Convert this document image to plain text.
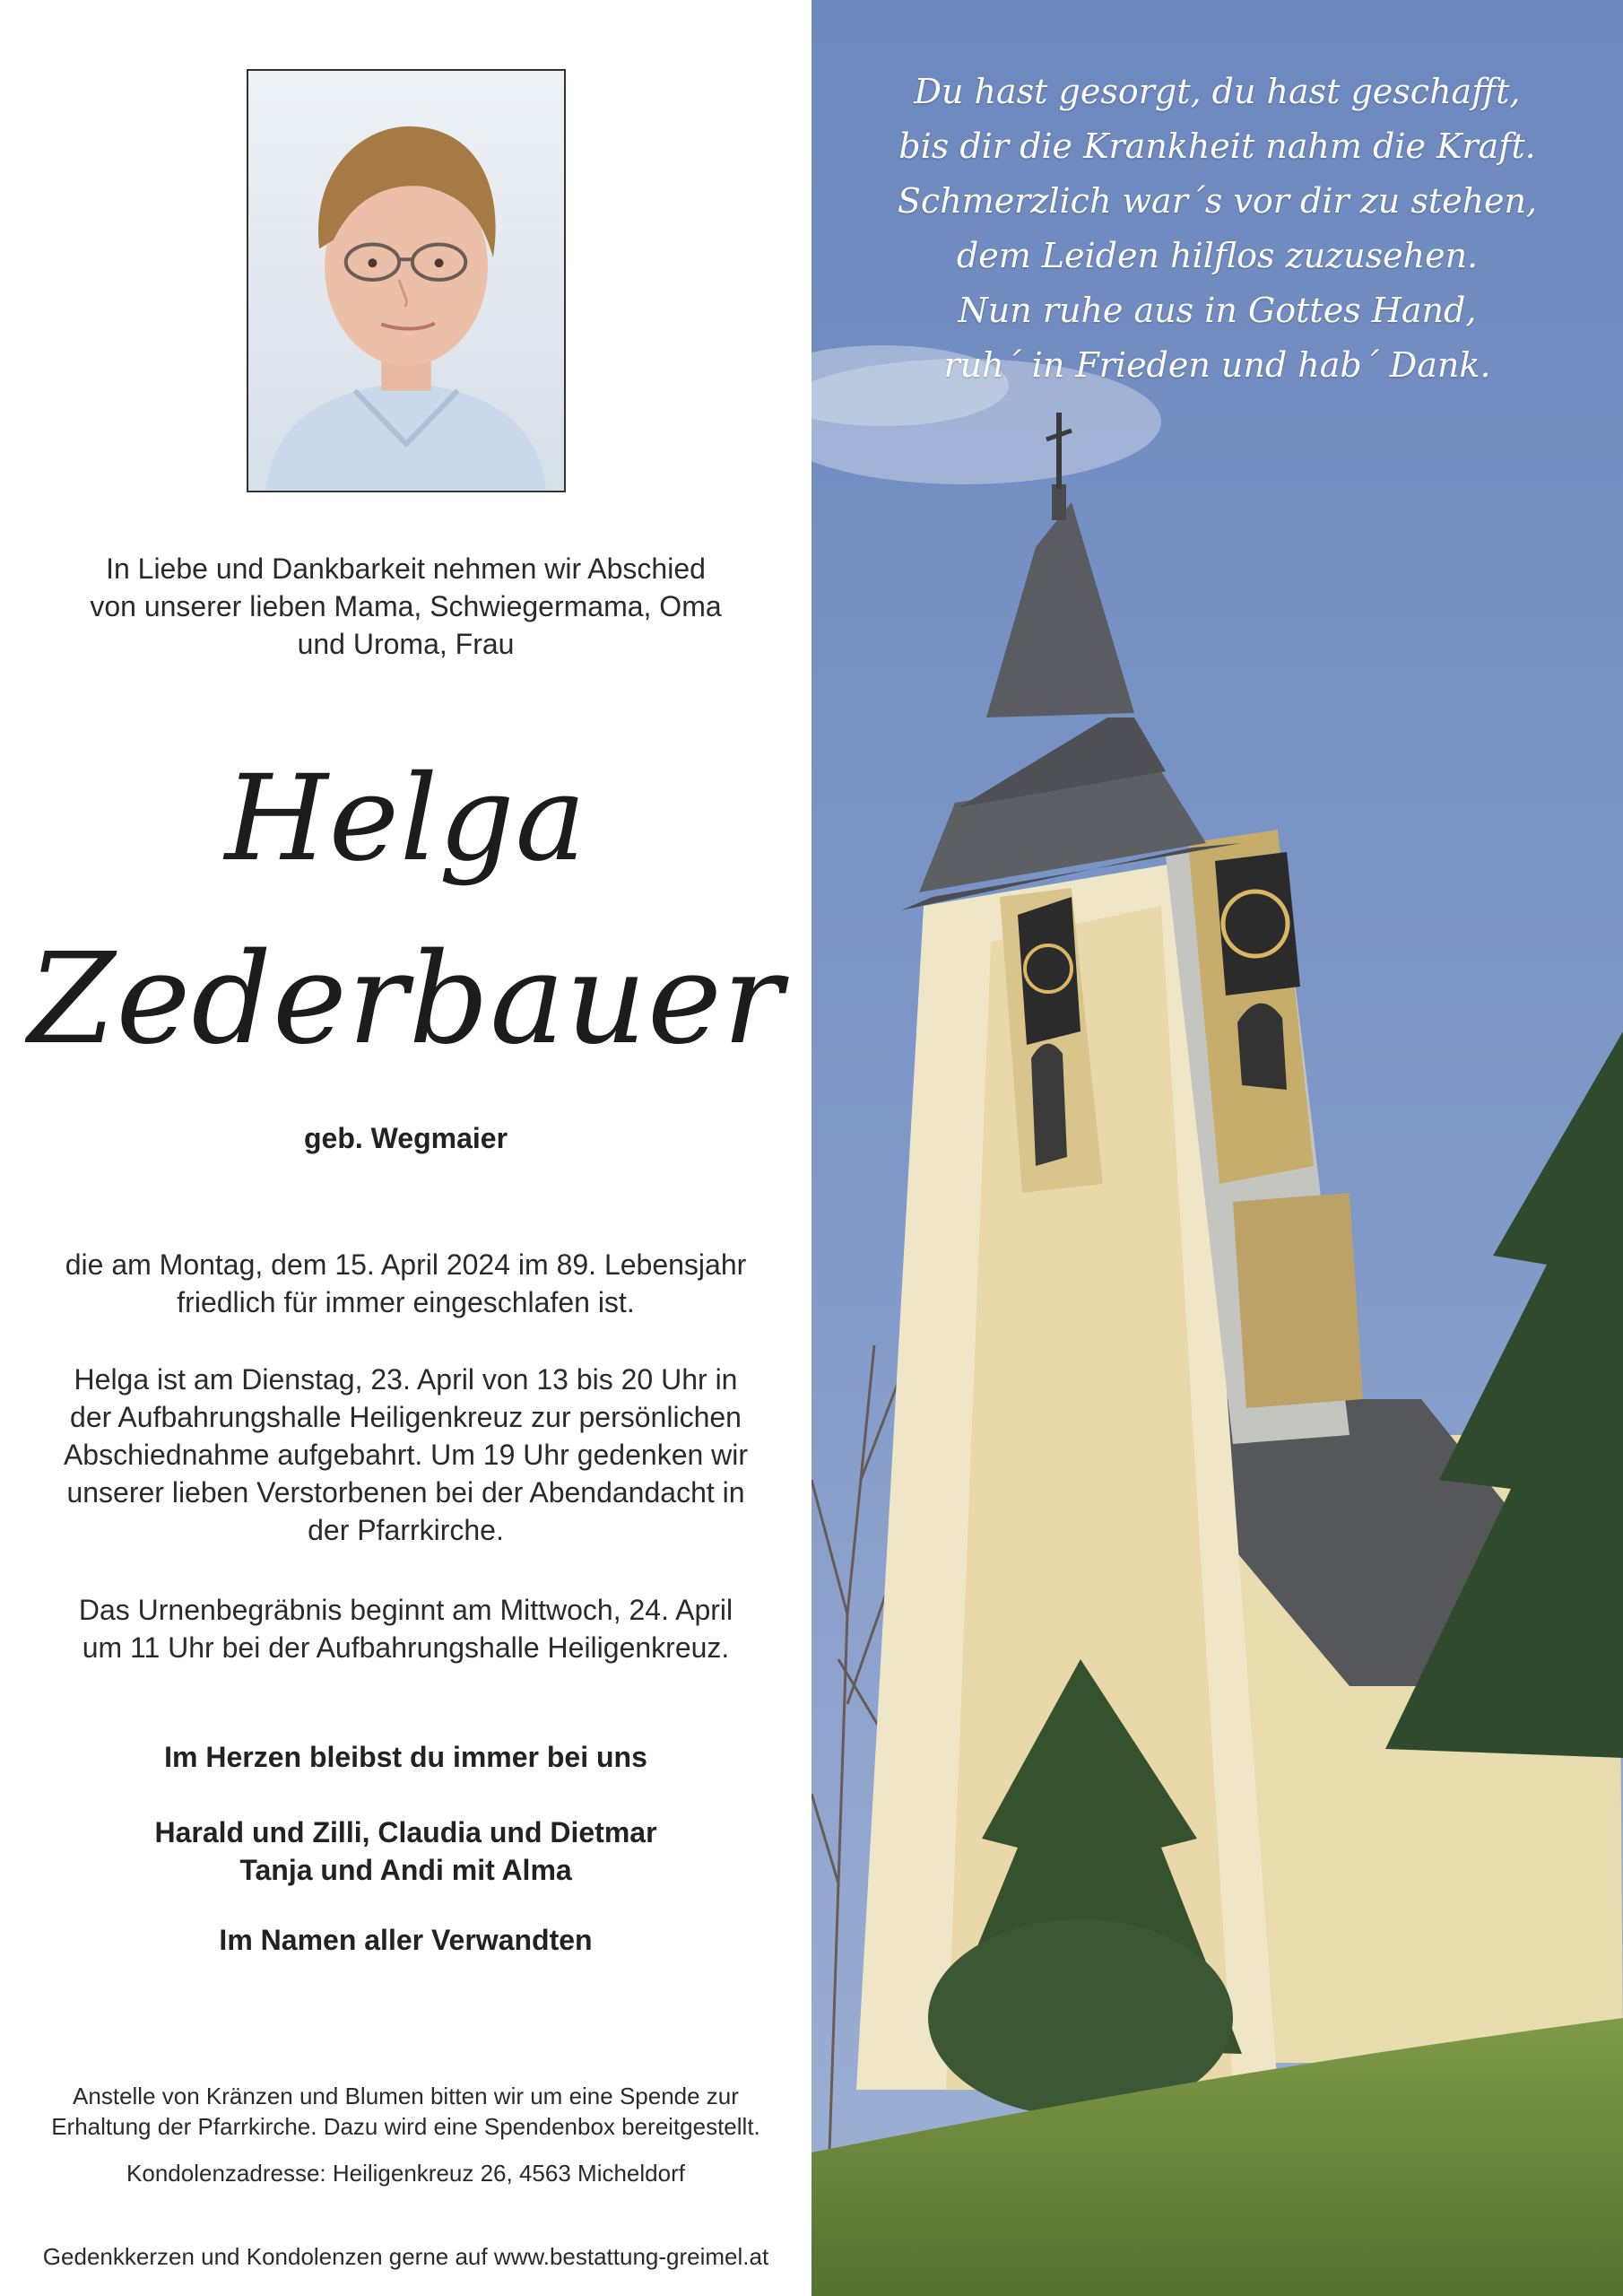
In Liebe und Dankbarkeit nehmen wir Abschied
von unserer lieben Mama, Schwiegermama, Oma
und Uroma, Frau
Helga
Zederbauer
geb. Wegmaier
die am Montag, dem 15. April 2024 im 89. Lebensjahr
friedlich für immer eingeschlafen ist.
Helga ist am Dienstag, 23. April von 13 bis 20 Uhr in
der Aufbahrungshalle Heiligenkreuz zur persönlichen
Abschiednahme aufgebahrt. Um 19 Uhr gedenken wir
unserer lieben Verstorbenen bei der Abendandacht in
der Pfarrkirche.
Das Urnenbegräbnis beginnt am Mittwoch, 24. April
um 11 Uhr bei der Aufbahrungshalle Heiligenkreuz.
Im Herzen bleibst du immer bei uns
Harald und Zilli, Claudia und Dietmar
Tanja und Andi mit Alma
Im Namen aller Verwandten
Anstelle von Kränzen und Blumen bitten wir um eine Spende zur
Erhaltung der Pfarrkirche. Dazu wird eine Spendenbox bereitgestellt.
Kondolenzadresse: Heiligenkreuz 26, 4563 Micheldorf
Gedenkkerzen und Kondolenzen gerne auf www.bestattung-greimel.at
Du hast gesorgt, du hast geschafft,
bis dir die Krankheit nahm die Kraft.
Schmerzlich war´s vor dir zu stehen,
dem Leiden hilflos zuzusehen.
Nun ruhe aus in Gottes Hand,
ruh´ in Frieden und hab´ Dank.
